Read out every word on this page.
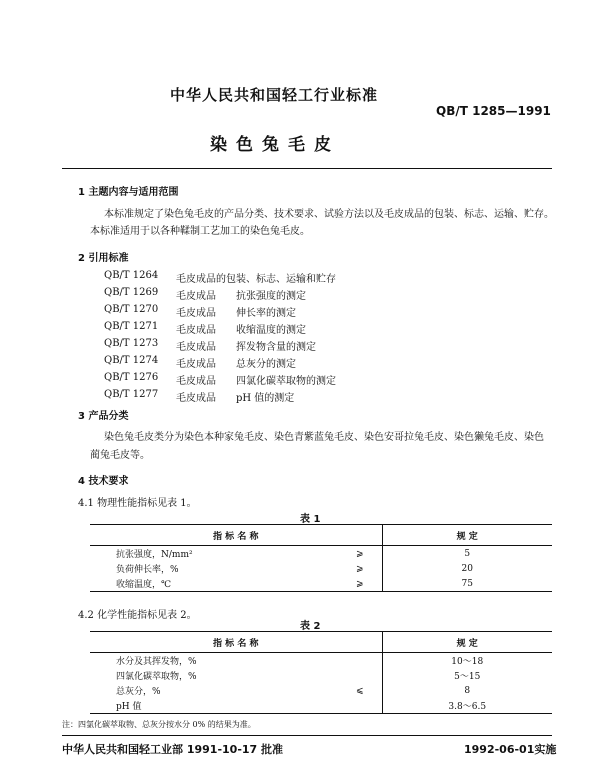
中华人民共和国轻工行业标准
QB/T 1285—1991
染色兔毛皮
1 主题内容与适用范围
本标准规定了染色兔毛皮的产品分类、技术要求、试验方法以及毛皮成品的包装、标志、运输、贮存。
本标准适用于以各种鞣制工艺加工的染色兔毛皮。
2 引用标准
QB/T 1264	毛皮成品的包装、标志、运输和贮存
QB/T 1269	毛皮成品	抗张强度的测定
QB/T 1270	毛皮成品	伸长率的测定
QB/T 1271	毛皮成品	收缩温度的测定
QB/T 1273	毛皮成品	挥发物含量的测定
QB/T 1274	毛皮成品	总灰分的测定
QB/T 1276	毛皮成品	四氯化碳萃取物的测定
QB/T 1277	毛皮成品	pH 值的测定
3 产品分类
染色兔毛皮类分为染色本种家兔毛皮、染色青紫蓝兔毛皮、染色安哥拉兔毛皮、染色獭兔毛皮、染色蔺兔毛皮等。
4 技术要求
4.1 物理性能指标见表 1。
表 1
指 标 名 称		规 定
抗张强度，N/mm²	⩾	5
负荷伸长率，%	⩾	20
收缩温度，℃	⩾	75
4.2 化学性能指标见表 2。
表 2
指 标 名 称		规 定
水分及其挥发物，%		10～18
四氯化碳萃取物，%		5～15
总灰分，%	⩽	8
pH 值		3.8～6.5
注：四氯化碳萃取物、总灰分按水分 0% 的结果为准。
中华人民共和国轻工业部 1991-10-17 批准	1992-06-01实施
